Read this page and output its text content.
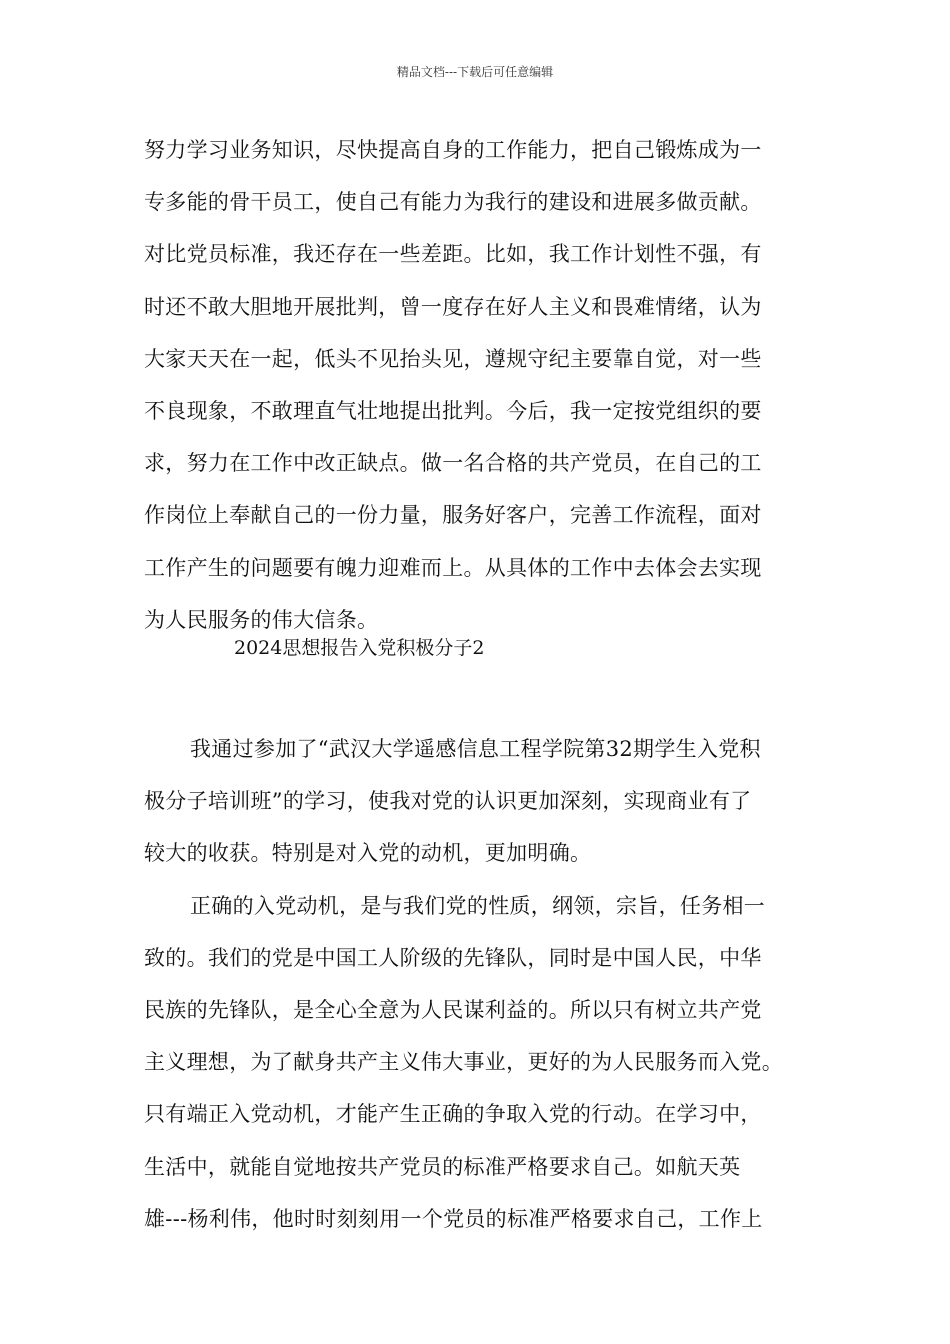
精品文档---下载后可任意编辑
努力学习业务知识，尽快提高自身的工作能力，把自己锻炼成为一
专多能的骨干员工，使自己有能力为我行的建设和进展多做贡献。
对比党员标准，我还存在一些差距。比如，我工作计划性不强，有
时还不敢大胆地开展批判，曾一度存在好人主义和畏难情绪，认为
大家天天在一起，低头不见抬头见，遵规守纪主要靠自觉，对一些
不良现象，不敢理直气壮地提出批判。今后，我一定按党组织的要
求，努力在工作中改正缺点。做一名合格的共产党员，在自己的工
作岗位上奉献自己的一份力量，服务好客户，完善工作流程，面对
工作产生的问题要有魄力迎难而上。从具体的工作中去体会去实现
为人民服务的伟大信条。
2024思想报告入党积极分子2
我通过参加了“武汉大学遥感信息工程学院第32期学生入党积
极分子培训班”的学习，使我对党的认识更加深刻，实现商业有了
较大的收获。特别是对入党的动机，更加明确。
正确的入党动机，是与我们党的性质，纲领，宗旨，任务相一
致的。我们的党是中国工人阶级的先锋队，同时是中国人民，中华
民族的先锋队，是全心全意为人民谋利益的。所以只有树立共产党
主义理想，为了献身共产主义伟大事业，更好的为人民服务而入党。
只有端正入党动机，才能产生正确的争取入党的行动。在学习中，
生活中，就能自觉地按共产党员的标准严格要求自己。如航天英
雄---杨利伟，他时时刻刻用一个党员的标准严格要求自己，工作上
